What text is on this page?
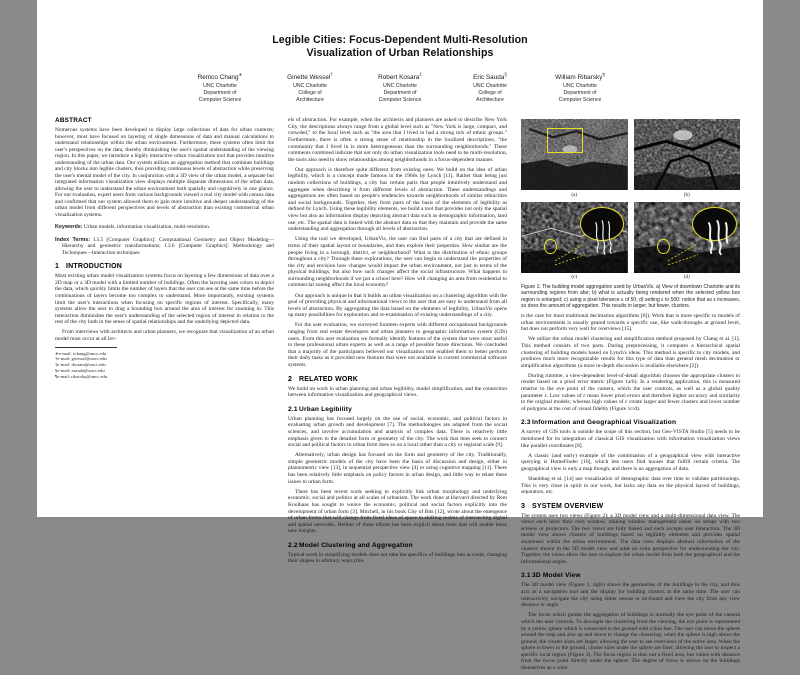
Legible Cities: Focus-Dependent Multi-Resolution
Visualization of Urban Relationships
Remco Chang∗
UNC Charlotte
Department of
Computer Science
Ginette Wessel†
UNC Charlotte
College of
Architecture
Robert Kosara‡
UNC Charlotte
Department of
Computer Science
Eric Sauda§
UNC Charlotte
College of
Architecture
William Ribarsky¶
UNC Charlotte
Department of
Computer Science
ABSTRACT

Numerous systems have been developed to display large collections of data for urban contexts; however, most have focused on layering of single dimensions of data and manual calculations to understand relationships within the urban environment. Furthermore, these systems often limit the user's perspectives on the data, thereby diminishing the user's spatial understanding of the viewing region. In this paper, we introduce a highly interactive urban visualization tool that provides intuitive understanding of the urban data. Our system utilizes an aggregation method that combines buildings and city blocks into legible clusters, thus providing continuous levels of abstraction while preserving the user's mental model of the city. In conjunction with a 3D view of the urban model, a separate but integrated information visualization view displays multiple disparate dimensions of the urban data, allowing the user to understand the urban environment both spatially and cognitively in one glance. For our evaluation, expert users from various backgrounds viewed a real city model with census data and confirmed that our system allowed them to gain more intuitive and deeper understanding of the urban model from different perspectives and levels of abstraction than existing commercial urban visualization systems.

Keywords: Urban models, information visualization, multi-resolution.

Index Terms: I.3.5 [Computer Graphics]: Computational Geometry and Object Modeling—Hierarchy and geometric transformations; I.3.6 [Computer Graphics]: Methodology and Techniques—Interaction techniques

1 INTRODUCTION

Most existing urban model visualization systems focus on layering a few dimensions of data over a 2D map or a 3D model with a limited number of buildings. Often the layering uses colors to depict the data, which quickly limits the number of layers that the user can see at the same time before the combinations of layers become too complex to understand. More importantly, existing systems limit the user's interactions when focusing on specific regions of interest. Specifically, many systems allow the user to drag a bounding box around the area of interest for zooming in. This interaction diminishes the user's understanding of the selected region of interest in relation to the rest of the city both in the sense of spatial relationships and the underlying depicted data.

From interviews with architects and urban planners, we recognize that visualization of an urban model must occur at all lev-

∗e-mail: rchang@uncc.edu
†e-mail: gwessel@uncc.edu
‡e-mail: rkosara@uncc.edu
§e-mail: esauda@uncc.edu
¶e-mail: ribarsky@uncc.edu

els of abstraction. For example, when the architects and planners are asked to describe New York City, the descriptions always range from a global level such as "New York is large, compact, and crowded," to the local level such as "the area that I lived in had a strong mix of ethnic groups." Furthermore, there is often a strong sense of relationship in the localized descriptions, "the community that I lived in is more heterogeneous than the surrounding neighborhoods." These comments combined indicate that not only do urban visualization tools need to be multi-resolution, the tools also need to show relationships among neighborhoods in a focus-dependent manner.

Our approach is therefore quite different from existing ones. We build on the idea of urban legibility, which is a concept made famous in the 1960s by Lynch [11]. Rather than being just random collections of buildings, a city has certain parts that people intuitively understand and aggregate when describing it from different levels of abstraction. These understandings and aggregations are often based on people's tendencies towards neighborhoods of similar ethnicities and social backgrounds. Together, they form parts of the basis of the elements of legibility as defined by Lynch. Using these legibility elements, we build a tool that provides not only the spatial view but also an information display depicting abstract data such as demographic information, land use, etc. The spatial data is linked with the abstract data so that they maintain and provide the same understanding and aggregation through all levels of abstraction.

Using the tool we developed, UrbanVis, the user can find parts of a city that are defined in terms of their spatial layout or boundaries, and then explore their properties. How similar are the people living in a borough, district, or neighborhood? What is the distribution of ethnic groups throughout a city? Through these explorations, the user can begin to understand the properties of the city and envision how changes would impact the urban environment, not just in terms of the physical buildings, but also how such changes affect the social infrastructure. What happens to surrounding neighborhoods if we put a school here? How will changing an area from residential to commercial zoning affect the local economy?

Our approach is unique in that it builds an urban visualization on a clustering algorithm with the goal of providing physical and informational views to the user that are easy to understand from all levels of abstraction. By aggregating the data based on the elements of legibility, UrbanVis opens up many possibilities for exploration and re-examination of existing understandings of a city.

For the user evaluation, we surveyed fourteen experts with different occupational backgrounds ranging from real estate developers and urban planners to geographic information system (GIS) users. From this user evaluation we formally identify features of the system that were most useful to these professional urban experts as well as a range of possible future directions. We concluded that a majority of the participants believed our visualization tool enabled them to better perform their daily tasks as it provided new features that were not available in current commercial software systems.

2 RELATED WORK

We build on work in urban planning and urban legibility, model simplification, and the connection between information visualization and geographical views.

2.1Urban Legibility

Urban planning has focused largely on the use of social, economic, and political factors in evaluating urban growth and development [7]. The methodologies are adapted from the social sciences, and involve accumulation and analysis of complex data. There is relatively little emphasis given to the detailed form or geometry of the city. The work that does seek to connect social and political factors to urban form does so on a local rather than a city or regional scale [9].

Alternatively, urban design has focused on the form and geometry of the city. Traditionally, simple geometric models of the city have been the basis of discussion and design, either in plannometric view [13], in sequential perspective view [4] or using cognitive mapping [11]. There has been relatively little emphasis on policy factors in urban design, and little way to relate these issues to urban form.

There has been recent work seeking to explicitly link urban morphology and underlying economic, social and politics at all scales of urbanism. The work done at Harvard directed by Rem Koolhaas has sought to weave the economic, political and social factors explicitly into the development of urban form [3]. Mitchell, in his book City of Bits [12], wrote about the emergence of urban forms that will change from fixed ideas of space to shifting realms of intersecting digital and spatial networks. Neither of these efforts has been explicit about tools that will enable these new insights.

2.2Model Clustering and Aggregation

Typical work in simplifying models does not take the specifics of buildings into account, changing their shapes in arbitrary ways (this

(a)	(b)
(c)	(d)
Figure 1: The building model aggregation used by UrbanVis. a) View of downtown Charlotte and its surrounding regions from afar; b) what is actually being rendered when the selected yellow box region is enlarged; c) using a pixel tolerance ε of 50; d) setting ε to 500: notice that as ε increases, so does the amount of aggregation. This results in larger, but fewer, clusters.

is the case for most traditional decimation algorithms [6]). Work that is more specific to models of urban environments is usually geared towards a specific use, like walk-throughs at ground level, but does not perform very well for overviews [15].

We utilize the urban model clustering and simplification method proposed by Chang et al. [1]. This method consists of two parts. During preprocessing, it computes a hierarchical spatial clustering of building models based on Lynch's ideas. This method is specific to city models, and produces much more recognizable results for this type of data than general mesh decimation or simplification algorithms (a more in-depth discussion is available elsewhere [2]).

During runtime, a view-dependent level-of-detail algorithm chooses the appropriate clusters to render based on a pixel error metric (Figure 1a/b). In a rendering application, this is measured relative to the eye point of the camera, which the user controls, as well as a global quality parameter ε. Low values of ε mean lower pixel errors and therefore higher accuracy and similarity to the original models; whereas high values of ε create larger and fewer clusters and lower number of polygons at the cost of visual fidelity (Figure 1c/d).

2.3Information and Geographical Visualization

A survey of GIS tools is outside the scope of this section, but Geo-VISTA Studio [5] needs to be mentioned for its integration of classical GIS visualization with information visualization views like parallel coordinates [8].

A classic (and early) example of the combination of a geographical view with interactive querying is HomeFinder [16], which lets users find houses that fulfill certain criteria. The geographical view is only a map though, and there is no aggregation of data.

Shanbhag et al. [14] use visualization of demographic data over time to validate partitionings. This is very close in spirit to our work, but lacks any data on the physical layout of buildings, separators, etc.

3 SYSTEM OVERVIEW

The system uses two views (Figure 2): a 3D model view and a multi-dimensional data view. The views each have their own window, making window management easier on setups with two screens or projectors. The two views are fully linked and each accepts user interaction. The 3D model view shows clusters of buildings based on legibility elements and provides spatial awareness within the urban environment. The data view displays abstract information of the clusters shown in the 3D model view and adds an extra perspective for understanding the city. Together, the views allow the user to explore the urban model from both the geographical and the informational angles.

3.13D Model View

The 3D model view (Figure 2, right) shows the geometries of the buildings in the city, and thus acts as a navigation tool and the display for building clusters at the same time. The user can interactively navigate the city using either mouse or keyboard and view the city from any view distance or angle.

The focus which guides the aggregation of buildings is normally the eye point of the camera which the user controls. To decouple the clustering from the viewing, the eye point is represented by a yellow sphere which is connected to the ground with a thin line. The user can move the sphere around the map and also up and down to change the clustering: when the sphere is high above the ground, the cluster sizes are larger, allowing the user to see overviews of the entire area. When the sphere is lower to the ground, cluster sizes under the sphere are finer, allowing the user to inspect a specific local region (Figure 3). The focus region is thus not a fixed area, but varies with distance from the focus point directly under the sphere. The degree of focus is shown on the buildings themselves as a color
